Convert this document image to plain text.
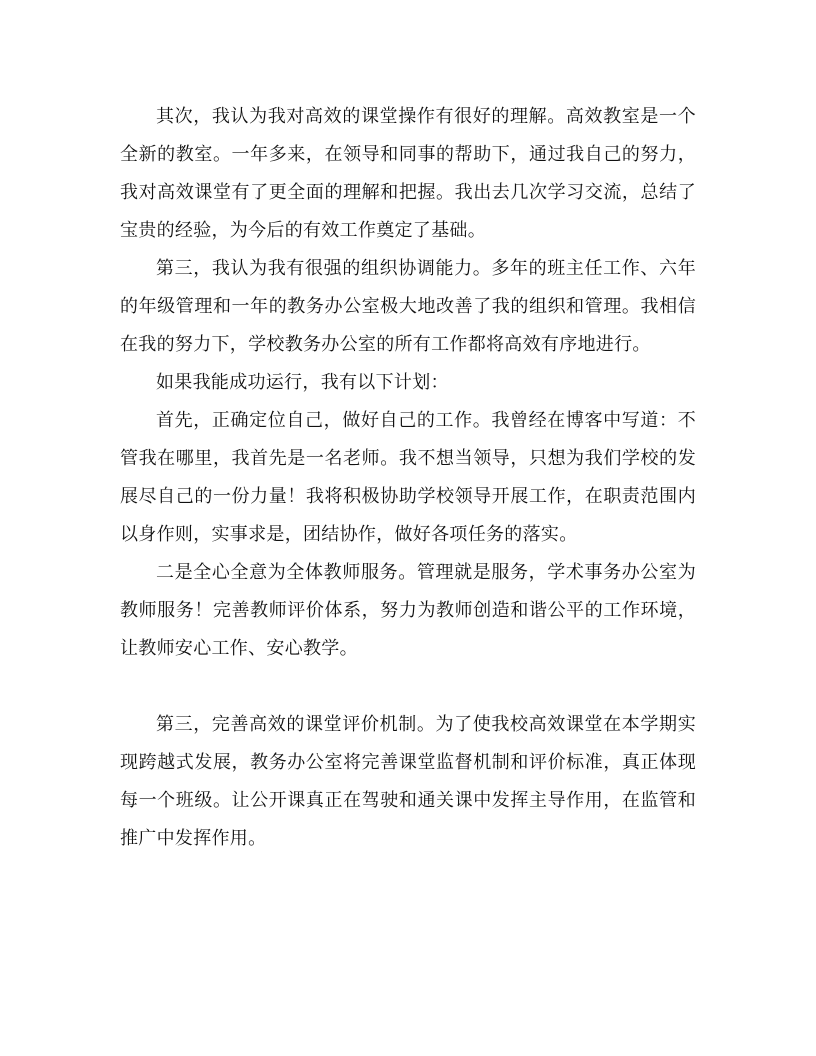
其次，我认为我对高效的课堂操作有很好的理解。高效教室是一个全新的教室。一年多来，在领导和同事的帮助下，通过我自己的努力，我对高效课堂有了更全面的理解和把握。我出去几次学习交流，总结了宝贵的经验，为今后的有效工作奠定了基础。

第三，我认为我有很强的组织协调能力。多年的班主任工作、六年的年级管理和一年的教务办公室极大地改善了我的组织和管理。我相信在我的努力下，学校教务办公室的所有工作都将高效有序地进行。

如果我能成功运行，我有以下计划：

首先，正确定位自己，做好自己的工作。我曾经在博客中写道：不管我在哪里，我首先是一名老师。我不想当领导，只想为我们学校的发展尽自己的一份力量！我将积极协助学校领导开展工作，在职责范围内以身作则，实事求是，团结协作，做好各项任务的落实。

二是全心全意为全体教师服务。管理就是服务，学术事务办公室为教师服务！完善教师评价体系，努力为教师创造和谐公平的工作环境，让教师安心工作、安心教学。

第三，完善高效的课堂评价机制。为了使我校高效课堂在本学期实现跨越式发展，教务办公室将完善课堂监督机制和评价标准，真正体现每一个班级。让公开课真正在驾驶和通关课中发挥主导作用，在监管和推广中发挥作用。
